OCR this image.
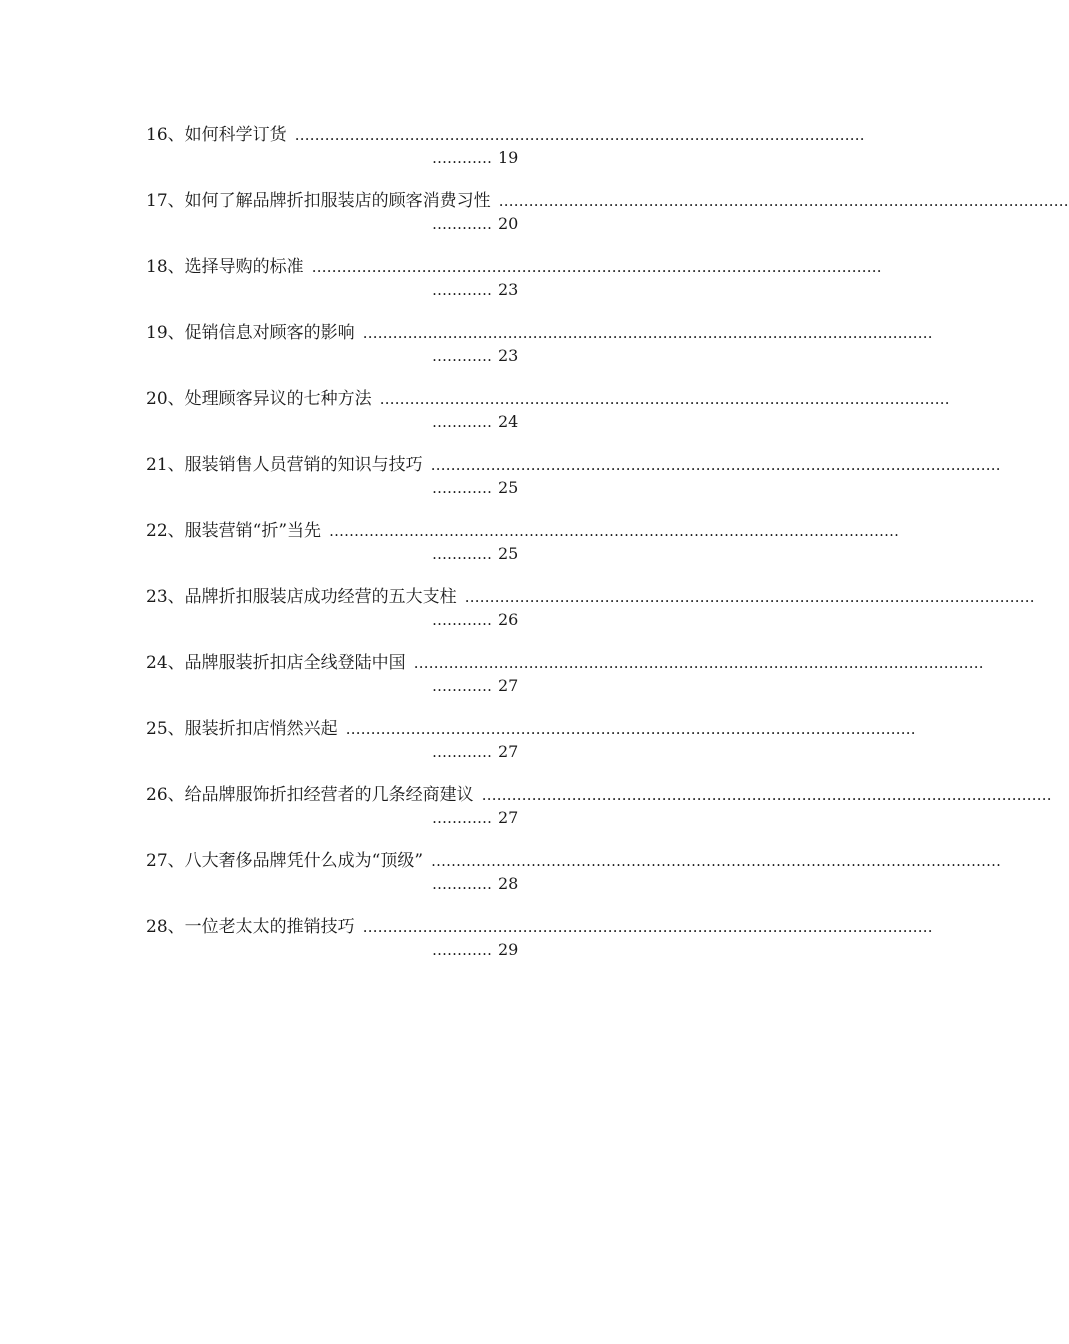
16、如何科学订货 ……………………………………………………………………………………………………
………… 19
17、如何了解品牌折扣服装店的顾客消费习性 ……………………………………………………………………………………………………
………… 20
18、选择导购的标准 ……………………………………………………………………………………………………
………… 23
19、促销信息对顾客的影响 ……………………………………………………………………………………………………
………… 23
20、处理顾客异议的七种方法 ……………………………………………………………………………………………………
………… 24
21、服装销售人员营销的知识与技巧 ……………………………………………………………………………………………………
………… 25
22、服装营销“折”当先 ……………………………………………………………………………………………………
………… 25
23、品牌折扣服装店成功经营的五大支柱 ……………………………………………………………………………………………………
………… 26
24、品牌服装折扣店全线登陆中国 ……………………………………………………………………………………………………
………… 27
25、服装折扣店悄然兴起 ……………………………………………………………………………………………………
………… 27
26、给品牌服饰折扣经营者的几条经商建议 ……………………………………………………………………………………………………
………… 27
27、八大奢侈品牌凭什么成为“顶级” ……………………………………………………………………………………………………
………… 28
28、一位老太太的推销技巧 ……………………………………………………………………………………………………
………… 29
